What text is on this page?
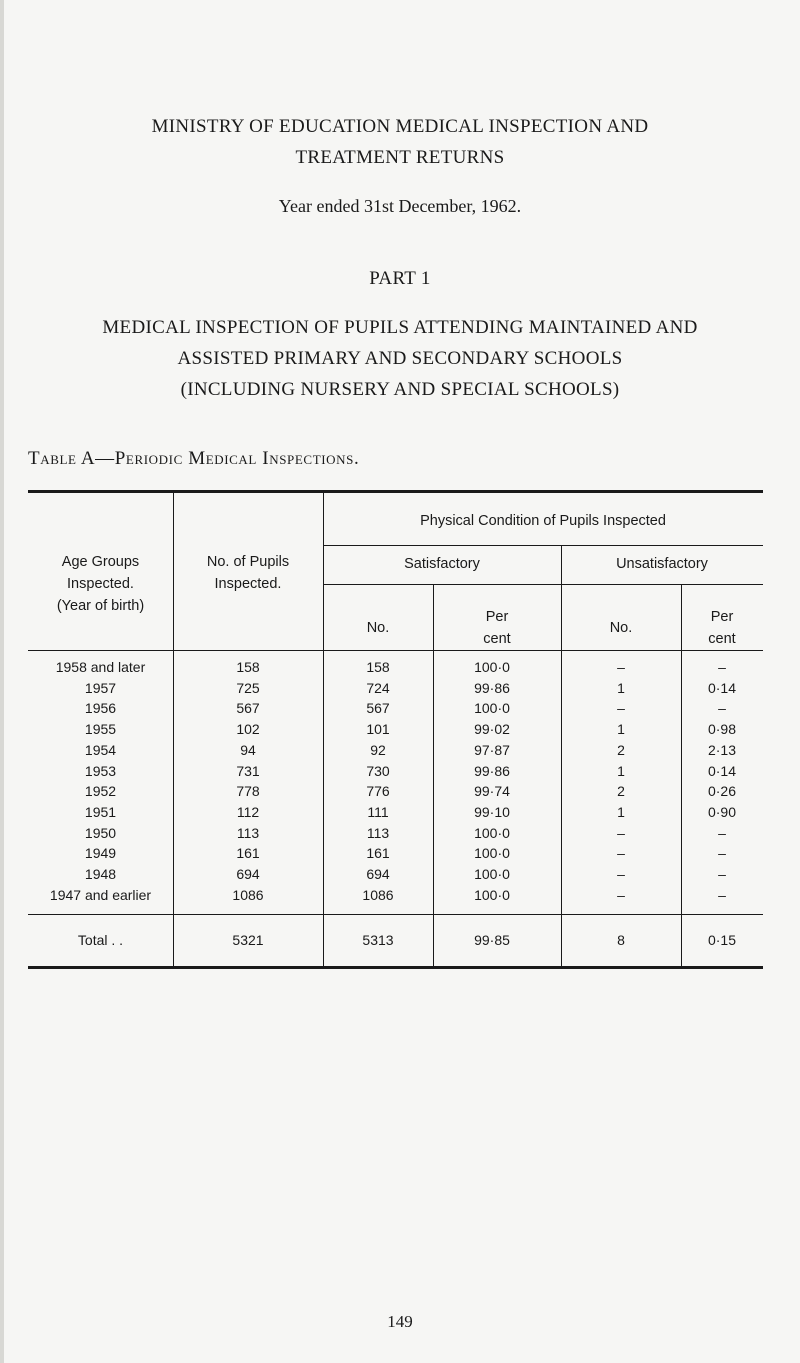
MINISTRY OF EDUCATION MEDICAL INSPECTION AND
TREATMENT RETURNS
Year ended 31st December, 1962.
PART 1
MEDICAL INSPECTION OF PUPILS ATTENDING MAINTAINED AND
ASSISTED PRIMARY AND SECONDARY SCHOOLS
(INCLUDING NURSERY AND SPECIAL SCHOOLS)
Table A—Periodic Medical Inspections.
Age Groups
Inspected.
(Year of birth)
No. of Pupils
Inspected.
Physical Condition of Pupils Inspected
Satisfactory	Unsatisfactory
No.
Per
cent
No.
Per
cent
1958 and later	158	158	100·0	–	–
1957	725	724	99·86	1	0·14
1956	567	567	100·0	–	–
1955	102	101	99·02	1	0·98
1954	94	92	97·87	2	2·13
1953	731	730	99·86	1	0·14
1952	778	776	99·74	2	0·26
1951	112	111	99·10	1	0·90
1950	113	113	100·0	–	–
1949	161	161	100·0	–	–
1948	694	694	100·0	–	–
1947 and earlier	1086	1086	100·0	–	–
Total . .	5321	5313	99·85	8	0·15
149
